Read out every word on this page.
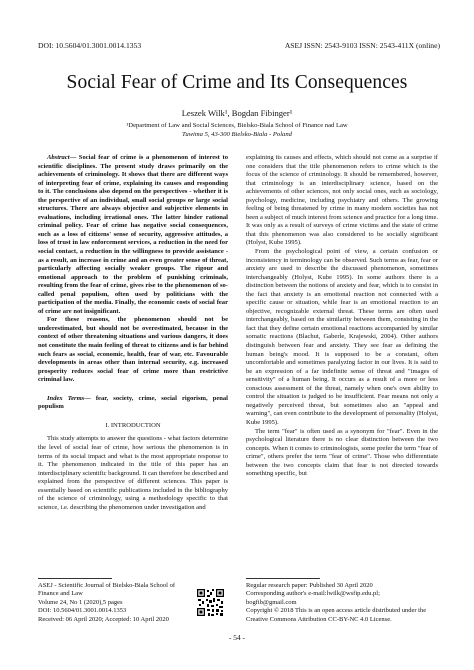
DOI: 10.5604/01.3001.0014.1353	ASEJ ISSN: 2543-9103 ISSN: 2543-411X (online)
Social Fear of Crime and Its Consequences
Leszek Wilk¹, Bogdan Fibinger¹
¹Department of Law and Social Sciences, Bielsko-Biala School of Finance nad Law
Tuwima 5, 43-300 Bielsko-Biala - Poland

Abstract— Social fear of crime is a phenomenon of interest to scientific disciplines. The present study draws primarily on the achievements of criminology. It shows that there are different ways of interpreting fear of crime, explaining its causes and responding to it. The conclusions also depend on the perspectives - whether it is the perspective of an individual, small social groups or large social structures. There are always objective and subjective elements in evaluations, including irrational ones. The latter hinder rational criminal policy. Fear of crime has negative social consequences, such as a loss of citizens' sense of security, aggressive attitudes, a loss of trust in law enforcement services, a reduction in the need for social contact, a reduction in the willingness to provide assistance - as a result, an increase in crime and an even greater sense of threat, particularly affecting socially weaker groups. The rigour and emotional approach to the problem of punishing criminals, resulting from the fear of crime, gives rise to the phenomenon of so-called penal populism, often used by politicians with the participation of the media. Finally, the economic costs of social fear of crime are not insignificant.

For these reasons, the phenomenon should not be underestimated, but should not be overestimated, because in the context of other threatening situations and various dangers, it does not constitute the main feeling of threat to citizens and is far behind such fears as social, economic, health, fear of war, etc. Favourable developments in areas other than internal security, e.g. increased prosperity reduces social fear of crime more than restrictive criminal law.

Index Terms— fear, society, crime, social rigorism, penal populism

I. INTRODUCTION

This study attempts to answer the questions - what factors determine the level of social fear of crime, how serious the phenomenon is in terms of its social impact and what is the most appropriate response to it. The phenomenon indicated in the title of this paper has an interdisciplinary scientific background. It can therefore be described and explained from the perspective of different sciences. This paper is essentially based on scientific publications included in the bibliography of the science of criminology, using a methodology specific to that science, i.e. describing the phenomenon under investigation and

explaining its causes and effects, which should not come as a surprise if one considers that the title phenomenon refers to crime which is the focus of the science of criminology. It should be remembered, however, that criminology is an interdisciplinary science, based on the achievements of other sciences, not only social ones, such as sociology, psychology, medicine, including psychiatry and others. The growing feeling of being threatened by crime in many modern societies has not been a subject of much interest from science and practice for a long time. It was only as a result of surveys of crime victims and the state of crime that this phenomenon was also considered to be socially significant (Holyst, Kube 1995).

From the psychological point of view, a certain confusion or inconsistency in terminology can be observed. Such terms as fear, fear or anxiety are used to describe the discussed phenomenon, sometimes interchangeably (Holyst, Kube 1995). In some authors there is a distinction between the notions of anxiety and fear, which is to consist in the fact that anxiety is an emotional reaction not connected with a specific cause or situation, while fear is an emotional reaction to an objective, recognizable external threat. These terms are often used interchangeably, based on the similarity between them, consisting in the fact that they define certain emotional reactions accompanied by similar somatic reactions (Blachut, Gaberle, Krajewski, 2004). Other authors distinguish between fear and anxiety. They see fear as defining the human being's mood. It is supposed to be a constant, often uncomfortable and sometimes paralyzing factor in our lives. It is said to be an expression of a far indefinite sense of threat and "images of sensitivity" of a human being. It occurs as a result of a more or less conscious assessment of the threat, namely when one's own ability to control the situation is judged to be insufficient. Fear means not only a negatively perceived threat, but sometimes also an "appeal and warning", can even contribute to the development of personality (Holyst, Kube 1995).

The term "fear" is often used as a synonym for "fear". Even in the psychological literature there is no clear distinction between the two concepts. When it comes to criminologists, some prefer the term "fear of crime", others prefer the term "fear of crime". Those who differentiate between the two concepts claim that fear is not directed towards something specific, but

ASEJ - Scientific Journal of Bielsko-Biala School of Finance and Law
Volume 24, No 1 (2020),5 pages
DOI: 10.5604/01.3001.0014.1353
Received: 06 April 2020; Accepted: 10 April 2020
Regular research paper: Published 30 April 2020
Corresponding author's e-mail:lwilk@wsfip.edu.pl;
bogfib@gmail.com
Copyright © 2018 This is an open access article distributed under the Creative Commons Attribution CC-BY-NC 4.0 License.
- 54 -
